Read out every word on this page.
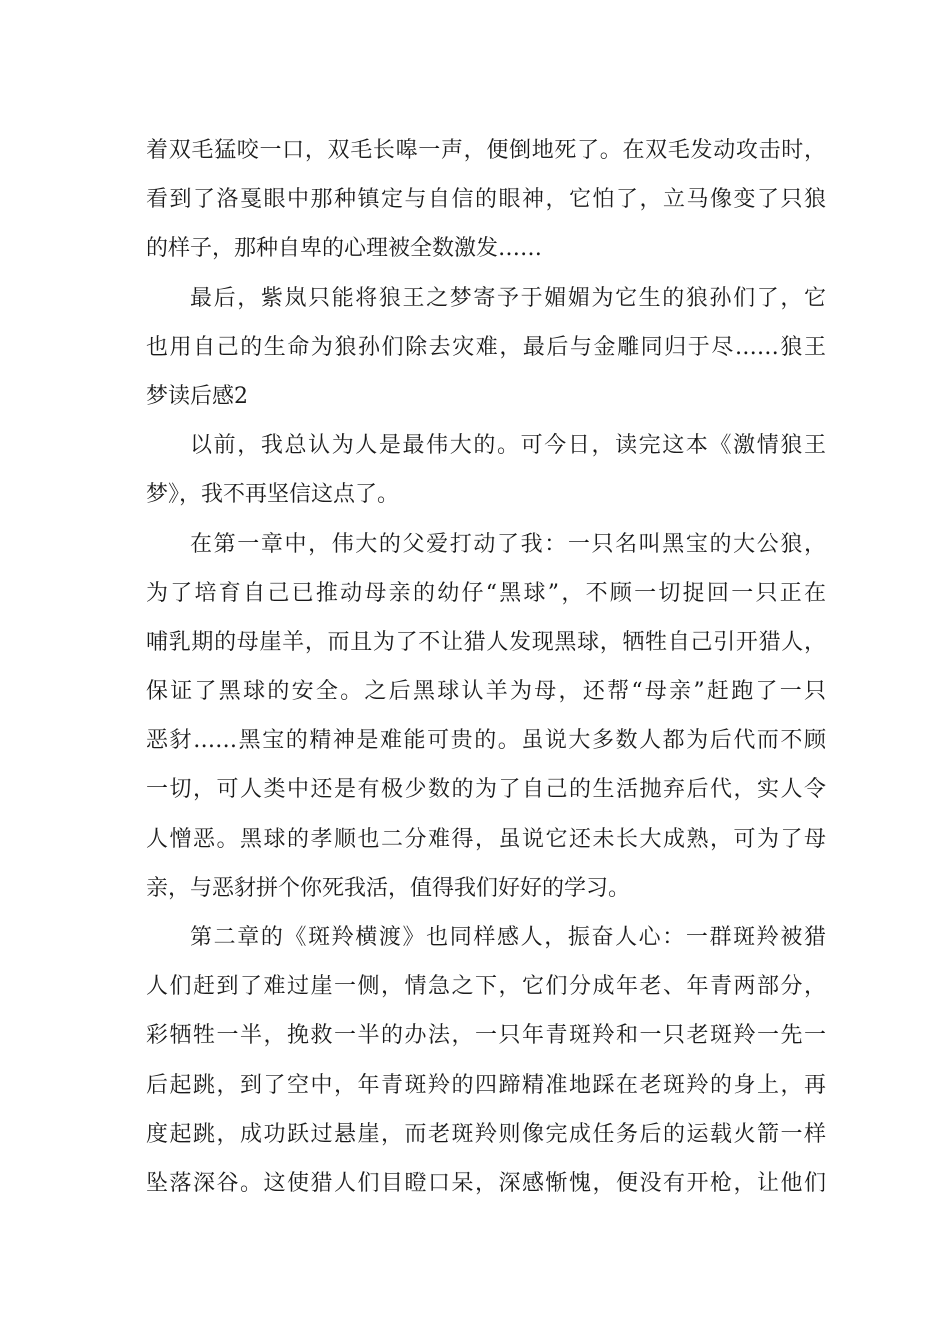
着双毛猛咬一口，双毛长嗥一声，便倒地死了。在双毛发动攻击时，
看到了洛戛眼中那种镇定与自信的眼神，它怕了，立马像变了只狼
的样子，那种自卑的心理被全数激发……
最后，紫岚只能将狼王之梦寄予于媚媚为它生的狼孙们了，它
也用自己的生命为狼孙们除去灾难，最后与金雕同归于尽……狼王
梦读后感2
以前，我总认为人是最伟大的。可今日，读完这本《激情狼王
梦》，我不再坚信这点了。
在第一章中，伟大的父爱打动了我：一只名叫黑宝的大公狼，
为了培育自己已推动母亲的幼仔“黑球”，不顾一切捉回一只正在
哺乳期的母崖羊，而且为了不让猎人发现黑球，牺牲自己引开猎人，
保证了黑球的安全。之后黑球认羊为母，还帮“母亲”赶跑了一只
恶豺……黑宝的精神是难能可贵的。虽说大多数人都为后代而不顾
一切，可人类中还是有极少数的为了自己的生活抛弃后代，实人令
人憎恶。黑球的孝顺也二分难得，虽说它还未长大成熟，可为了母
亲，与恶豺拼个你死我活，值得我们好好的学习。
第二章的《斑羚横渡》也同样感人，振奋人心：一群斑羚被猎
人们赶到了难过崖一侧，情急之下，它们分成年老、年青两部分，
彩牺牲一半，挽救一半的办法，一只年青斑羚和一只老斑羚一先一
后起跳，到了空中，年青斑羚的四蹄精准地踩在老斑羚的身上，再
度起跳，成功跃过悬崖，而老斑羚则像完成任务后的运载火箭一样
坠落深谷。这使猎人们目瞪口呆，深感惭愧，便没有开枪，让他们
